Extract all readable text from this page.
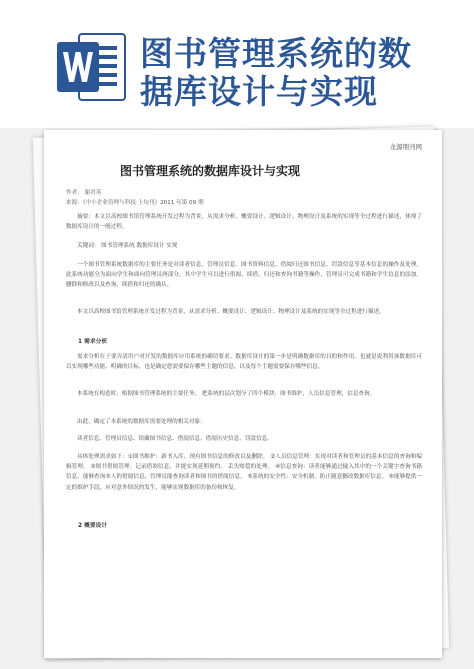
图书管理系统的数
据库设计与实现
龙源期刊网
图书管理系统的数据库设计与实现
作者： 谢君英
来源：《中小企业管理与科技·上旬刊》2011 年第 09 期
摘要：本文以高校图书馆管理系统开发过程为背景，从需求分析、概要设计、逻辑设计、物理设计及系统的实现等全过程进行描述，体现了数据库设计的一般过程。
关键词： 图书管理系统 数据库设计 实现
一个图书管理系统数据库的主要任务是对读者信息、管理员信息、图书资料信息、借阅归还图书信息、罚款信息等基本信息的操作及处理。此系统功能分为面向学生和面向管理员两部分，其中学生可以进行借阅、续借、归还和查询书籍等操作，管理员可完成书籍和学生信息的添加、删除和修改以及查询、续借和归还的确认。
本文以高校图书馆管理系统开发过程为背景，从需求分析、概要设计、逻辑设计、物理设计及系统的实现等全过程进行描述。
1 需求分析
需求分析在于要弄清用户对开发的数据库应用系统的确切要求。数据库设计的第一步是明确数据库的目的和作用，也就是说利用该数据库可以实现哪些功能、明确的目标，也是确定您需要保存哪些主题的信息，以及每个主题需要保存哪些信息。
本系统在构造时，根据图书管理系统的主要任务、 把系统的层次划分了四个模块：图书维护，人员信息管理，信息查询。
由此，确定了本系统的数据库需要处理的相关对象：
读者信息、管理员信息、馆藏图书信息、借阅信息、借阅历史信息、罚款信息。
具体处理需求如下：①图书维护：新书入库、现有图书信息的修改以及删除。 ②人员信息管理：实现对读者和管理员的基本信息的查询和编辑管理。 ③图书借阅管理：记录借阅信息，并能实现延期预约。 丢失赔偿的处理。 ④信息查询：读者能够通过输入其中的一个关键字查询书籍信息，能够查询本人的借阅信息、管理员能查询读者和图书的借阅信息。 ⑤系统的安全性：安全机制，防止随意删改数据库信息。 ⑥能够提供一定的维护手段，应对意外情况的发生，能够实现数据库的备份和恢复。
2 概要设计
